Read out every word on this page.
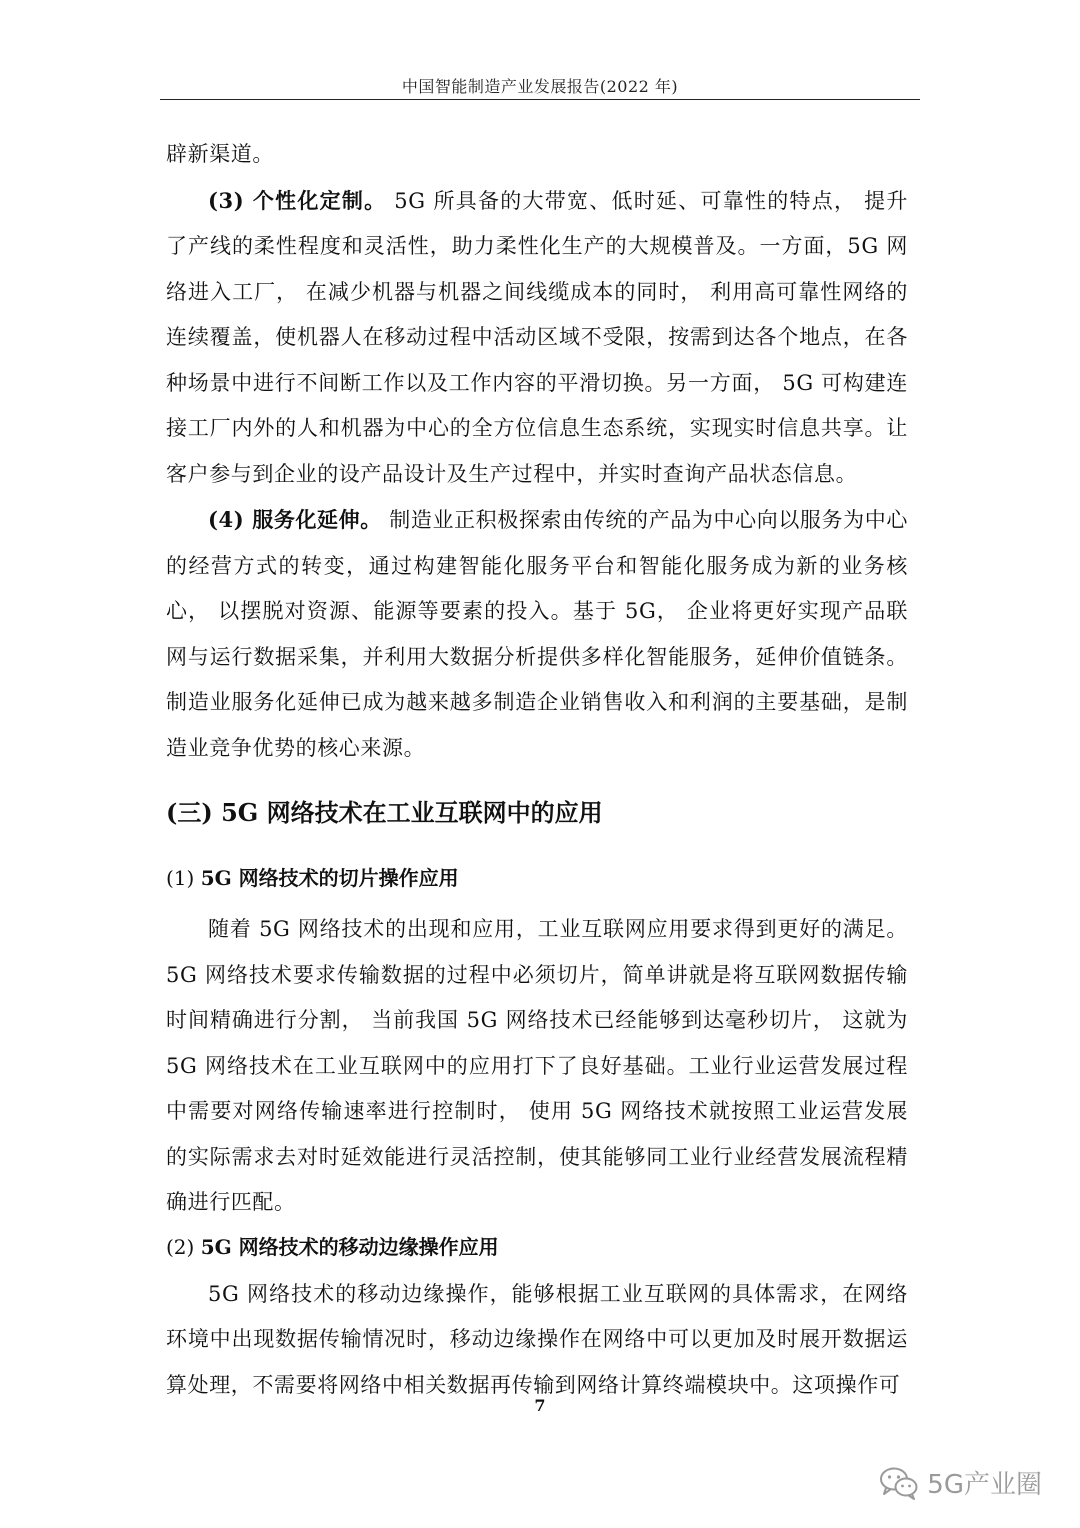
中国智能制造产业发展报告(2022 年)

辟新渠道。

(3) 个性化定制。 5G 所具备的大带宽、低时延、可靠性的特点， 提升了产线的柔性程度和灵活性，助力柔性化生产的大规模普及。一方面，5G 网络进入工厂， 在减少机器与机器之间线缆成本的同时， 利用高可靠性网络的连续覆盖，使机器人在移动过程中活动区域不受限，按需到达各个地点，在各种场景中进行不间断工作以及工作内容的平滑切换。另一方面， 5G 可构建连接工厂内外的人和机器为中心的全方位信息生态系统，实现实时信息共享。让客户参与到企业的设产品设计及生产过程中，并实时查询产品状态信息。

(4) 服务化延伸。 制造业正积极探索由传统的产品为中心向以服务为中心的经营方式的转变，通过构建智能化服务平台和智能化服务成为新的业务核心， 以摆脱对资源、能源等要素的投入。基于 5G， 企业将更好实现产品联网与运行数据采集，并利用大数据分析提供多样化智能服务，延伸价值链条。制造业服务化延伸已成为越来越多制造企业销售收入和利润的主要基础，是制造业竞争优势的核心来源。

(三) 5G 网络技术在工业互联网中的应用
(1) 5G 网络技术的切片操作应用

随着 5G 网络技术的出现和应用，工业互联网应用要求得到更好的满足。5G 网络技术要求传输数据的过程中必须切片，简单讲就是将互联网数据传输时间精确进行分割， 当前我国 5G 网络技术已经能够到达毫秒切片， 这就为 5G 网络技术在工业互联网中的应用打下了良好基础。工业行业运营发展过程中需要对网络传输速率进行控制时， 使用 5G 网络技术就按照工业运营发展的实际需求去对时延效能进行灵活控制，使其能够同工业行业经营发展流程精确进行匹配。

(2) 5G 网络技术的移动边缘操作应用

5G 网络技术的移动边缘操作，能够根据工业互联网的具体需求，在网络环境中出现数据传输情况时，移动边缘操作在网络中可以更加及时展开数据运算处理，不需要将网络中相关数据再传输到网络计算终端模块中。这项操作可

7
5G产业圈
